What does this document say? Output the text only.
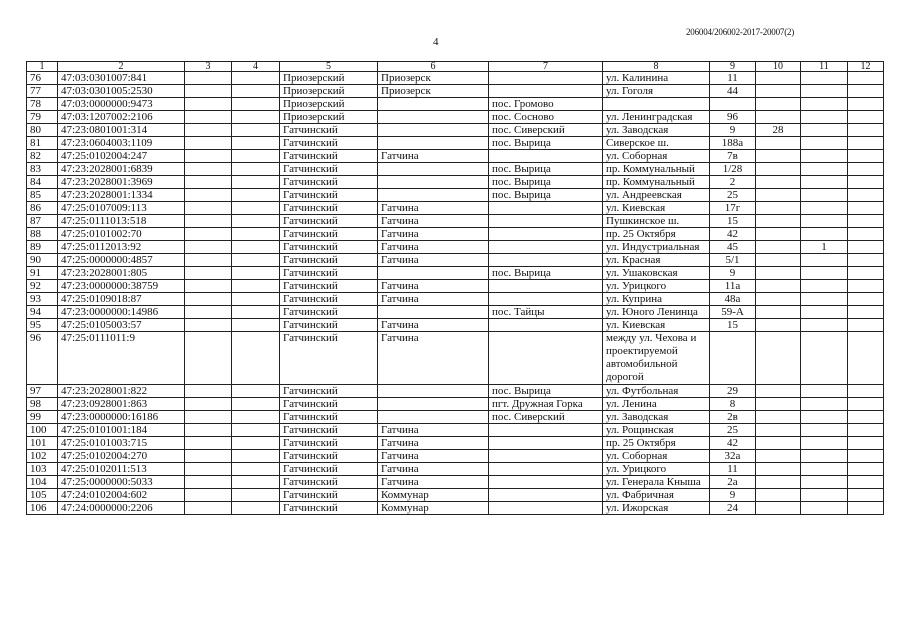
206004/206002-2017-20007(2)
4
1	2	3	4	5	6	7	8	9	10	11	12
76	47:03:0301007:841			Приозерский	Приозерск		ул. Калинина	11			
77	47:03:0301005:2530			Приозерский	Приозерск		ул. Гоголя	44			
78	47:03:0000000:9473			Приозерский		пос. Громово					
79	47:03:1207002:2106			Приозерский		пос. Сосново	ул. Ленинградская	96			
80	47:23:0801001:314			Гатчинский		пос. Сиверский	ул. Заводская	9	28		
81	47:23:0604003:1109			Гатчинский		пос. Вырица	Сиверское ш.	188а			
82	47:25:0102004:247			Гатчинский	Гатчина		ул. Соборная	7в			
83	47:23:2028001:6839			Гатчинский		пос. Вырица	пр. Коммунальный	1/28			
84	47:23:2028001:3969			Гатчинский		пос. Вырица	пр. Коммунальный	2			
85	47:23:2028001:1334			Гатчинский		пос. Вырица	ул. Андреевская	25			
86	47:25:0107009:113			Гатчинский	Гатчина		ул. Киевская	17г			
87	47:25:0111013:518			Гатчинский	Гатчина		Пушкинское ш.	15			
88	47:25:0101002:70			Гатчинский	Гатчина		пр. 25 Октября	42			
89	47:25:0112013:92			Гатчинский	Гатчина		ул. Индустриальная	45		1	
90	47:25:0000000:4857			Гатчинский	Гатчина		ул. Красная	5/1			
91	47:23:2028001:805			Гатчинский		пос. Вырица	ул. Ушаковская	9			
92	47:23:0000000:38759			Гатчинский	Гатчина		ул. Урицкого	11а			
93	47:25:0109018:87			Гатчинский	Гатчина		ул. Куприна	48а			
94	47:23:0000000:14986			Гатчинский		пос. Тайцы	ул. Юного Ленинца	59-А			
95	47:25:0105003:57			Гатчинский	Гатчина		ул. Киевская	15			
96	47:25:0111011:9			Гатчинский	Гатчина		между ул. Чехова и проектируемой автомобильной дорогой				

97	47:23:2028001:822			Гатчинский		пос. Вырица	ул. Футбольная	29			
98	47:23:0928001:863			Гатчинский		пгт. Дружная Горка	ул. Ленина	8			
99	47:23:0000000:16186			Гатчинский		пос. Сиверский	ул. Заводская	2в			
100	47:25:0101001:184			Гатчинский	Гатчина		ул. Рощинская	25			
101	47:25:0101003:715			Гатчинский	Гатчина		пр. 25 Октября	42			
102	47:25:0102004:270			Гатчинский	Гатчина		ул. Соборная	32а			
103	47:25:0102011:513			Гатчинский	Гатчина		ул. Урицкого	11			
104	47:25:0000000:5033			Гатчинский	Гатчина		ул. Генерала Кныша	2а			
105	47:24:0102004:602			Гатчинский	Коммунар		ул. Фабричная	9			
106	47:24:0000000:2206			Гатчинский	Коммунар		ул. Ижорская	24			
